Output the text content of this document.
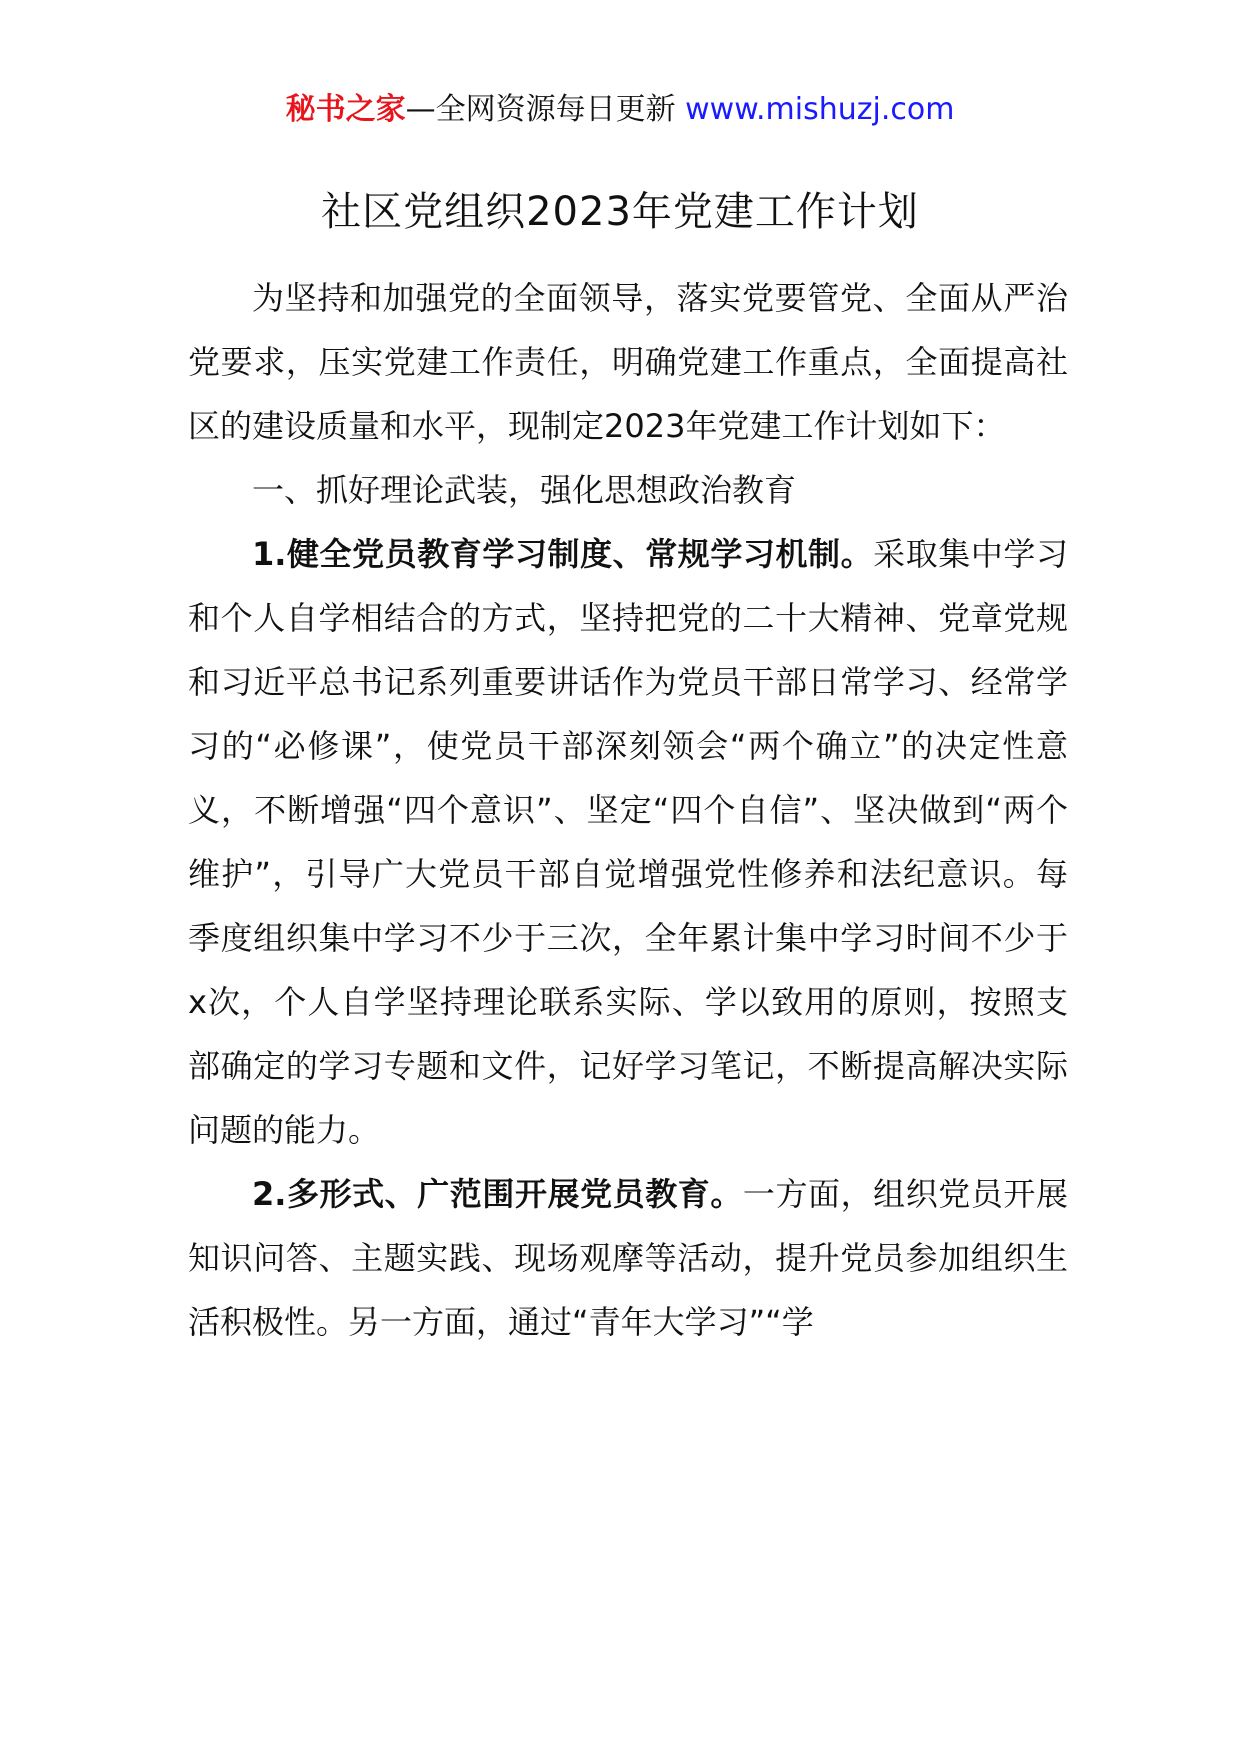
秘书之家—全网资源每日更新 www.mishuzj.com
社区党组织2023年党建工作计划

为坚持和加强党的全面领导，落实党要管党、全面从严治党要求，压实党建工作责任，明确党建工作重点，全面提高社区的建设质量和水平，现制定2023年党建工作计划如下：

一、抓好理论武装，强化思想政治教育

1.健全党员教育学习制度、常规学习机制。采取集中学习和个人自学相结合的方式，坚持把党的二十大精神、党章党规和习近平总书记系列重要讲话作为党员干部日常学习、经常学习的“必修课”，使党员干部深刻领会“两个确立”的决定性意义，不断增强“四个意识”、坚定“四个自信”、坚决做到“两个维护”，引导广大党员干部自觉增强党性修养和法纪意识。每季度组织集中学习不少于三次，全年累计集中学习时间不少于x次，个人自学坚持理论联系实际、学以致用的原则，按照支部确定的学习专题和文件，记好学习笔记，不断提高解决实际问题的能力。

2.多形式、广范围开展党员教育。一方面，组织党员开展知识问答、主题实践、现场观摩等活动，提升党员参加组织生活积极性。另一方面，通过“青年大学习”“学
